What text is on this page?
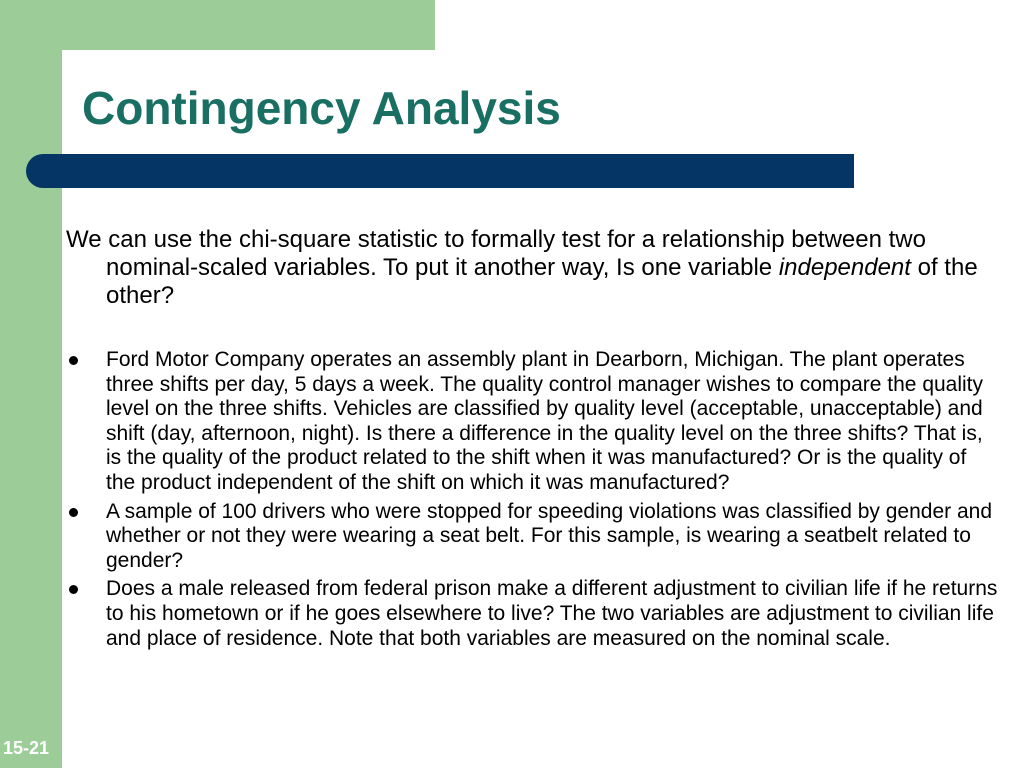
Contingency Analysis

We can use the chi-square statistic to formally test for a relationship between two nominal-scaled variables. To put it another way, Is one variable independent of the other?

Ford Motor Company operates an assembly plant in Dearborn, Michigan. The plant operates three shifts per day, 5 days a week. The quality control manager wishes to compare the quality level on the three shifts. Vehicles are classified by quality level (acceptable, unacceptable) and shift (day, afternoon, night). Is there a difference in the quality level on the three shifts? That is, is the quality of the product related to the shift when it was manufactured? Or is the quality of the product independent of the shift on which it was manufactured?
A sample of 100 drivers who were stopped for speeding violations was classified by gender and whether or not they were wearing a seat belt. For this sample, is wearing a seatbelt related to gender?
Does a male released from federal prison make a different adjustment to civilian life if he returns to his hometown or if he goes elsewhere to live? The two variables are adjustment to civilian life and place of residence. Note that both variables are measured on the nominal scale.
15-21
